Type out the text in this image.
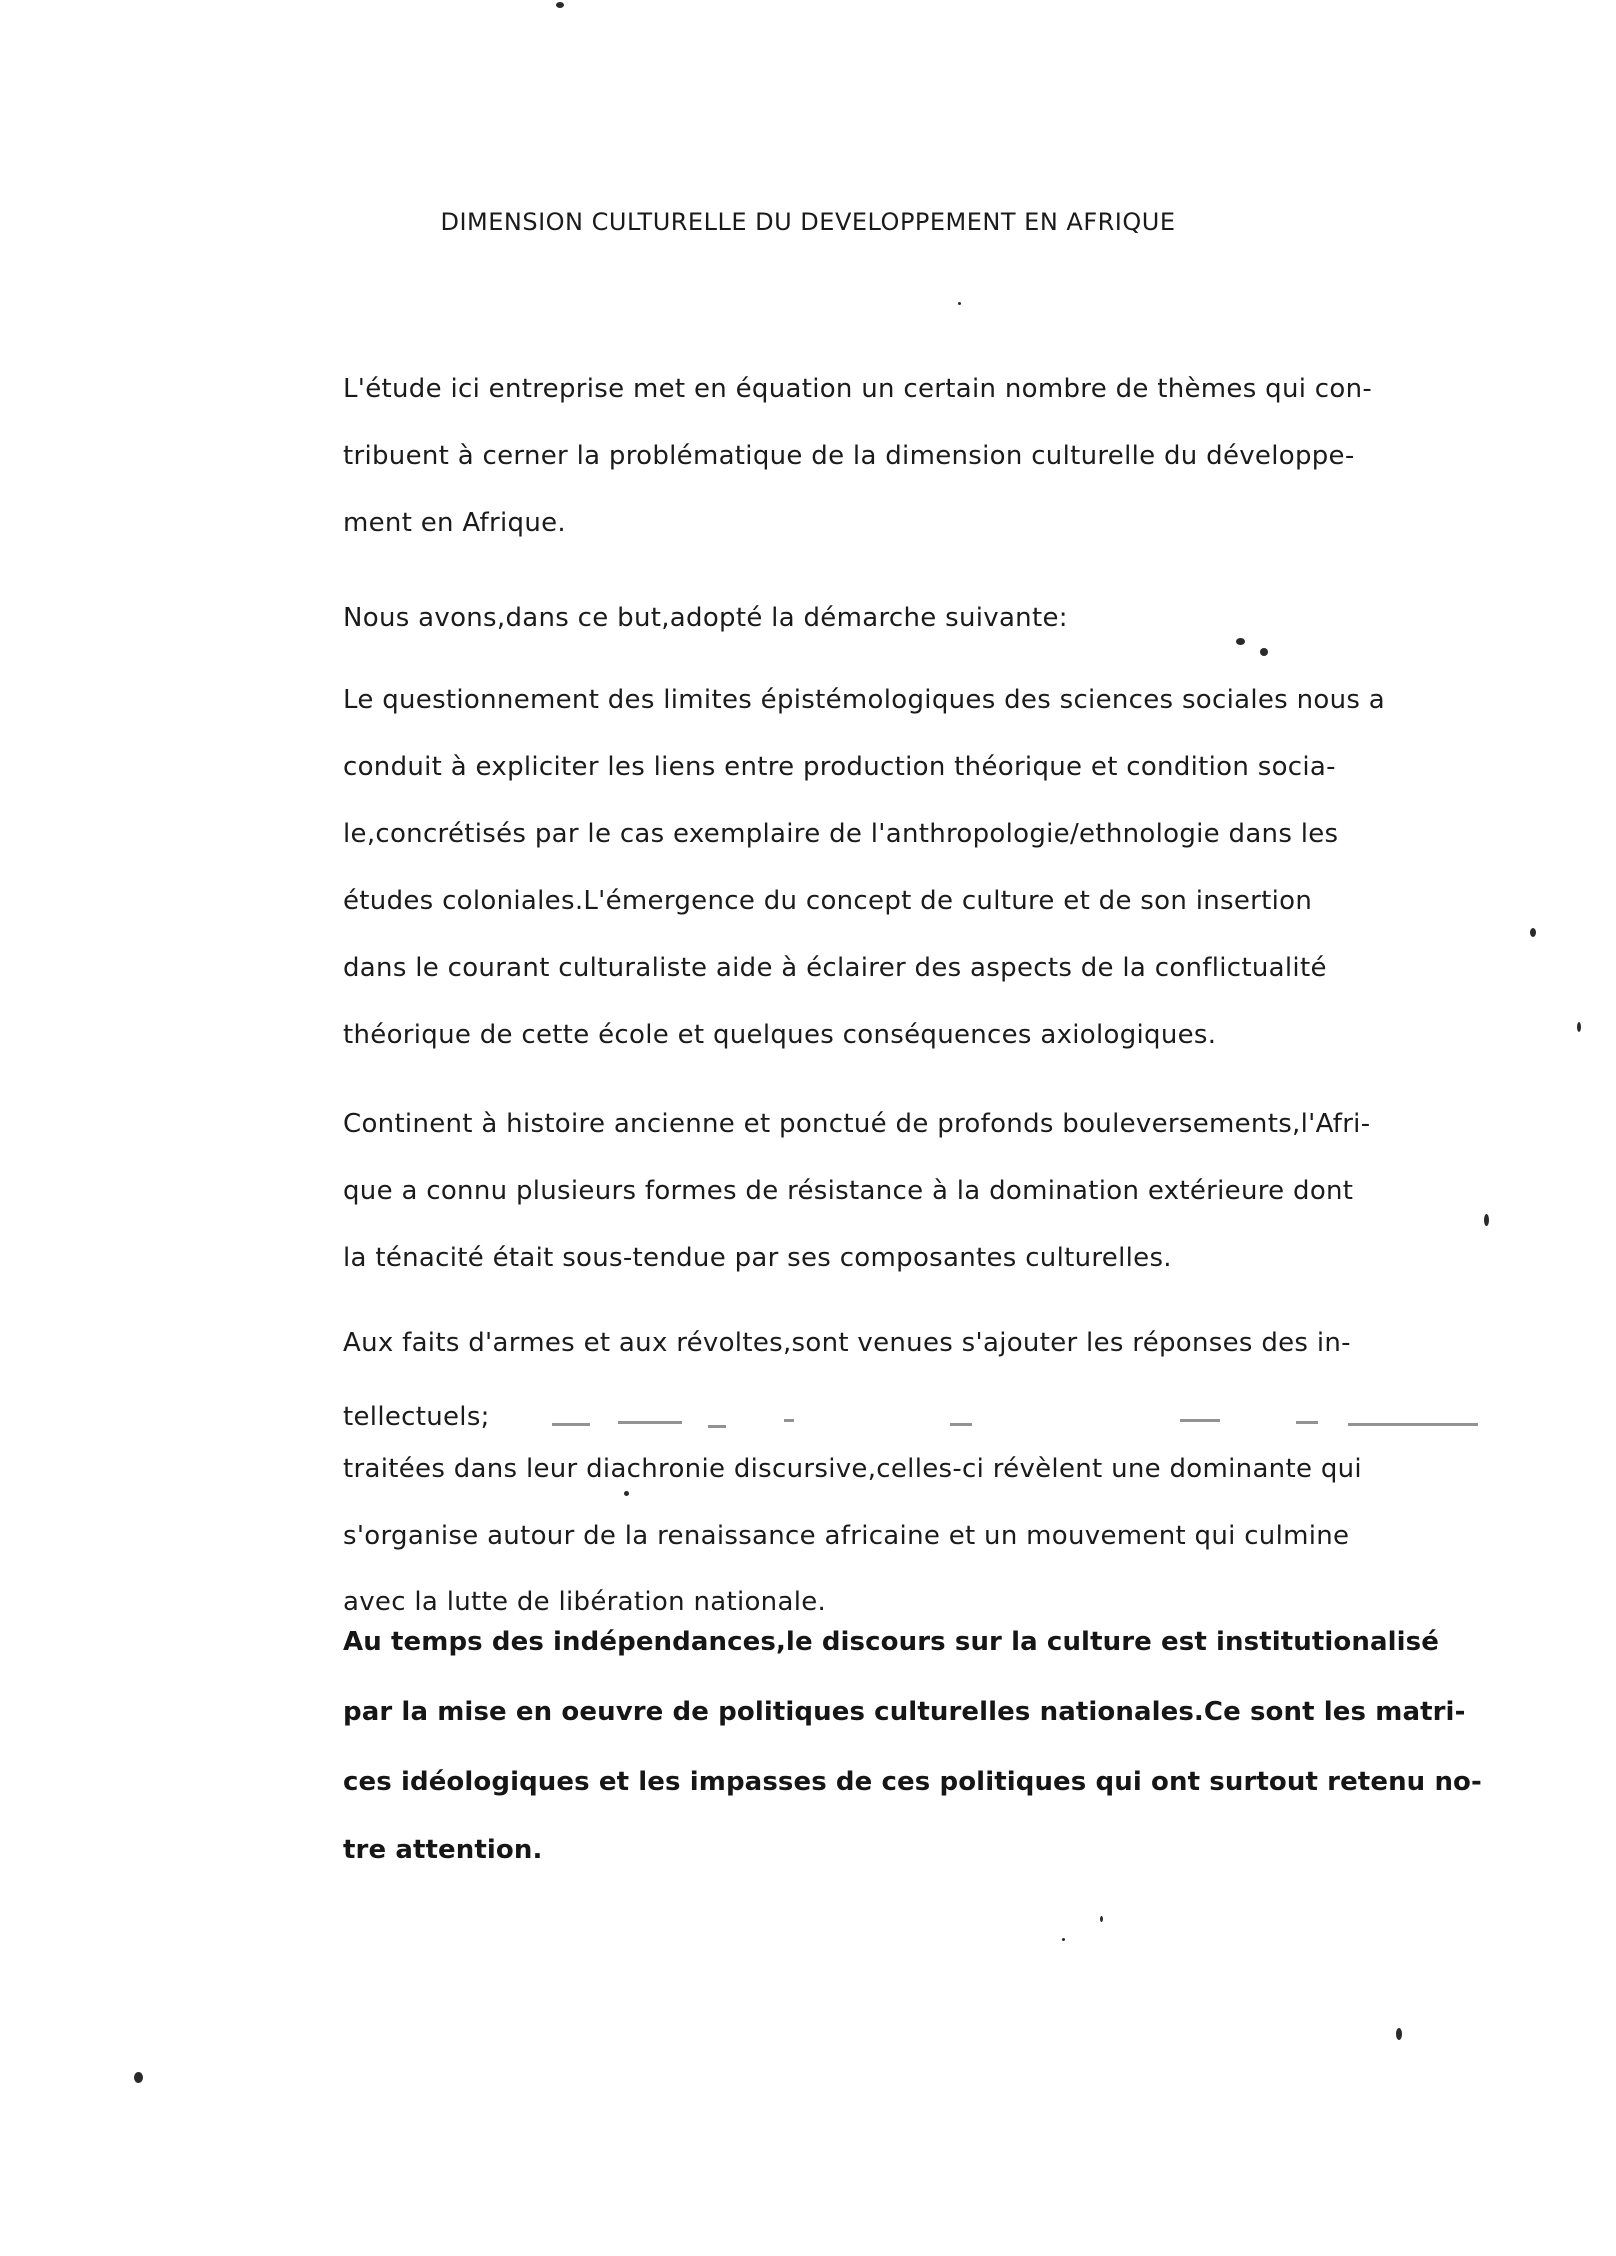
DIMENSION CULTURELLE DU DEVELOPPEMENT EN AFRIQUE
L'étude ici entreprise met en équation un certain nombre de thèmes qui con-
tribuent à cerner la problématique de la dimension culturelle du développe-
ment en Afrique.
Nous avons,dans ce but,adopté la démarche suivante:
Le questionnement des limites épistémologiques des sciences sociales nous a
conduit à expliciter les liens entre production théorique et condition socia-
le,concrétisés par le cas exemplaire de l'anthropologie/ethnologie dans les
études coloniales.L'émergence du concept de culture et de son insertion
dans le courant culturaliste aide à éclairer des aspects de la conflictualité
théorique de cette école et quelques conséquences axiologiques.
Continent à histoire ancienne et ponctué de profonds bouleversements,l'Afri-
que a connu plusieurs formes de résistance à la domination extérieure dont
la ténacité était sous-tendue par ses composantes culturelles.
Aux faits d'armes et aux révoltes,sont venues s'ajouter les réponses des in-
tellectuels;
traitées dans leur diachronie discursive,celles-ci révèlent une dominante qui
s'organise autour de la renaissance africaine et un mouvement qui culmine
avec la lutte de libération nationale.
Au temps des indépendances,le discours sur la culture est institutionalisé
par la mise en oeuvre de politiques culturelles nationales.Ce sont les matri-
ces idéologiques et les impasses de ces politiques qui ont surtout retenu no-
tre attention.
